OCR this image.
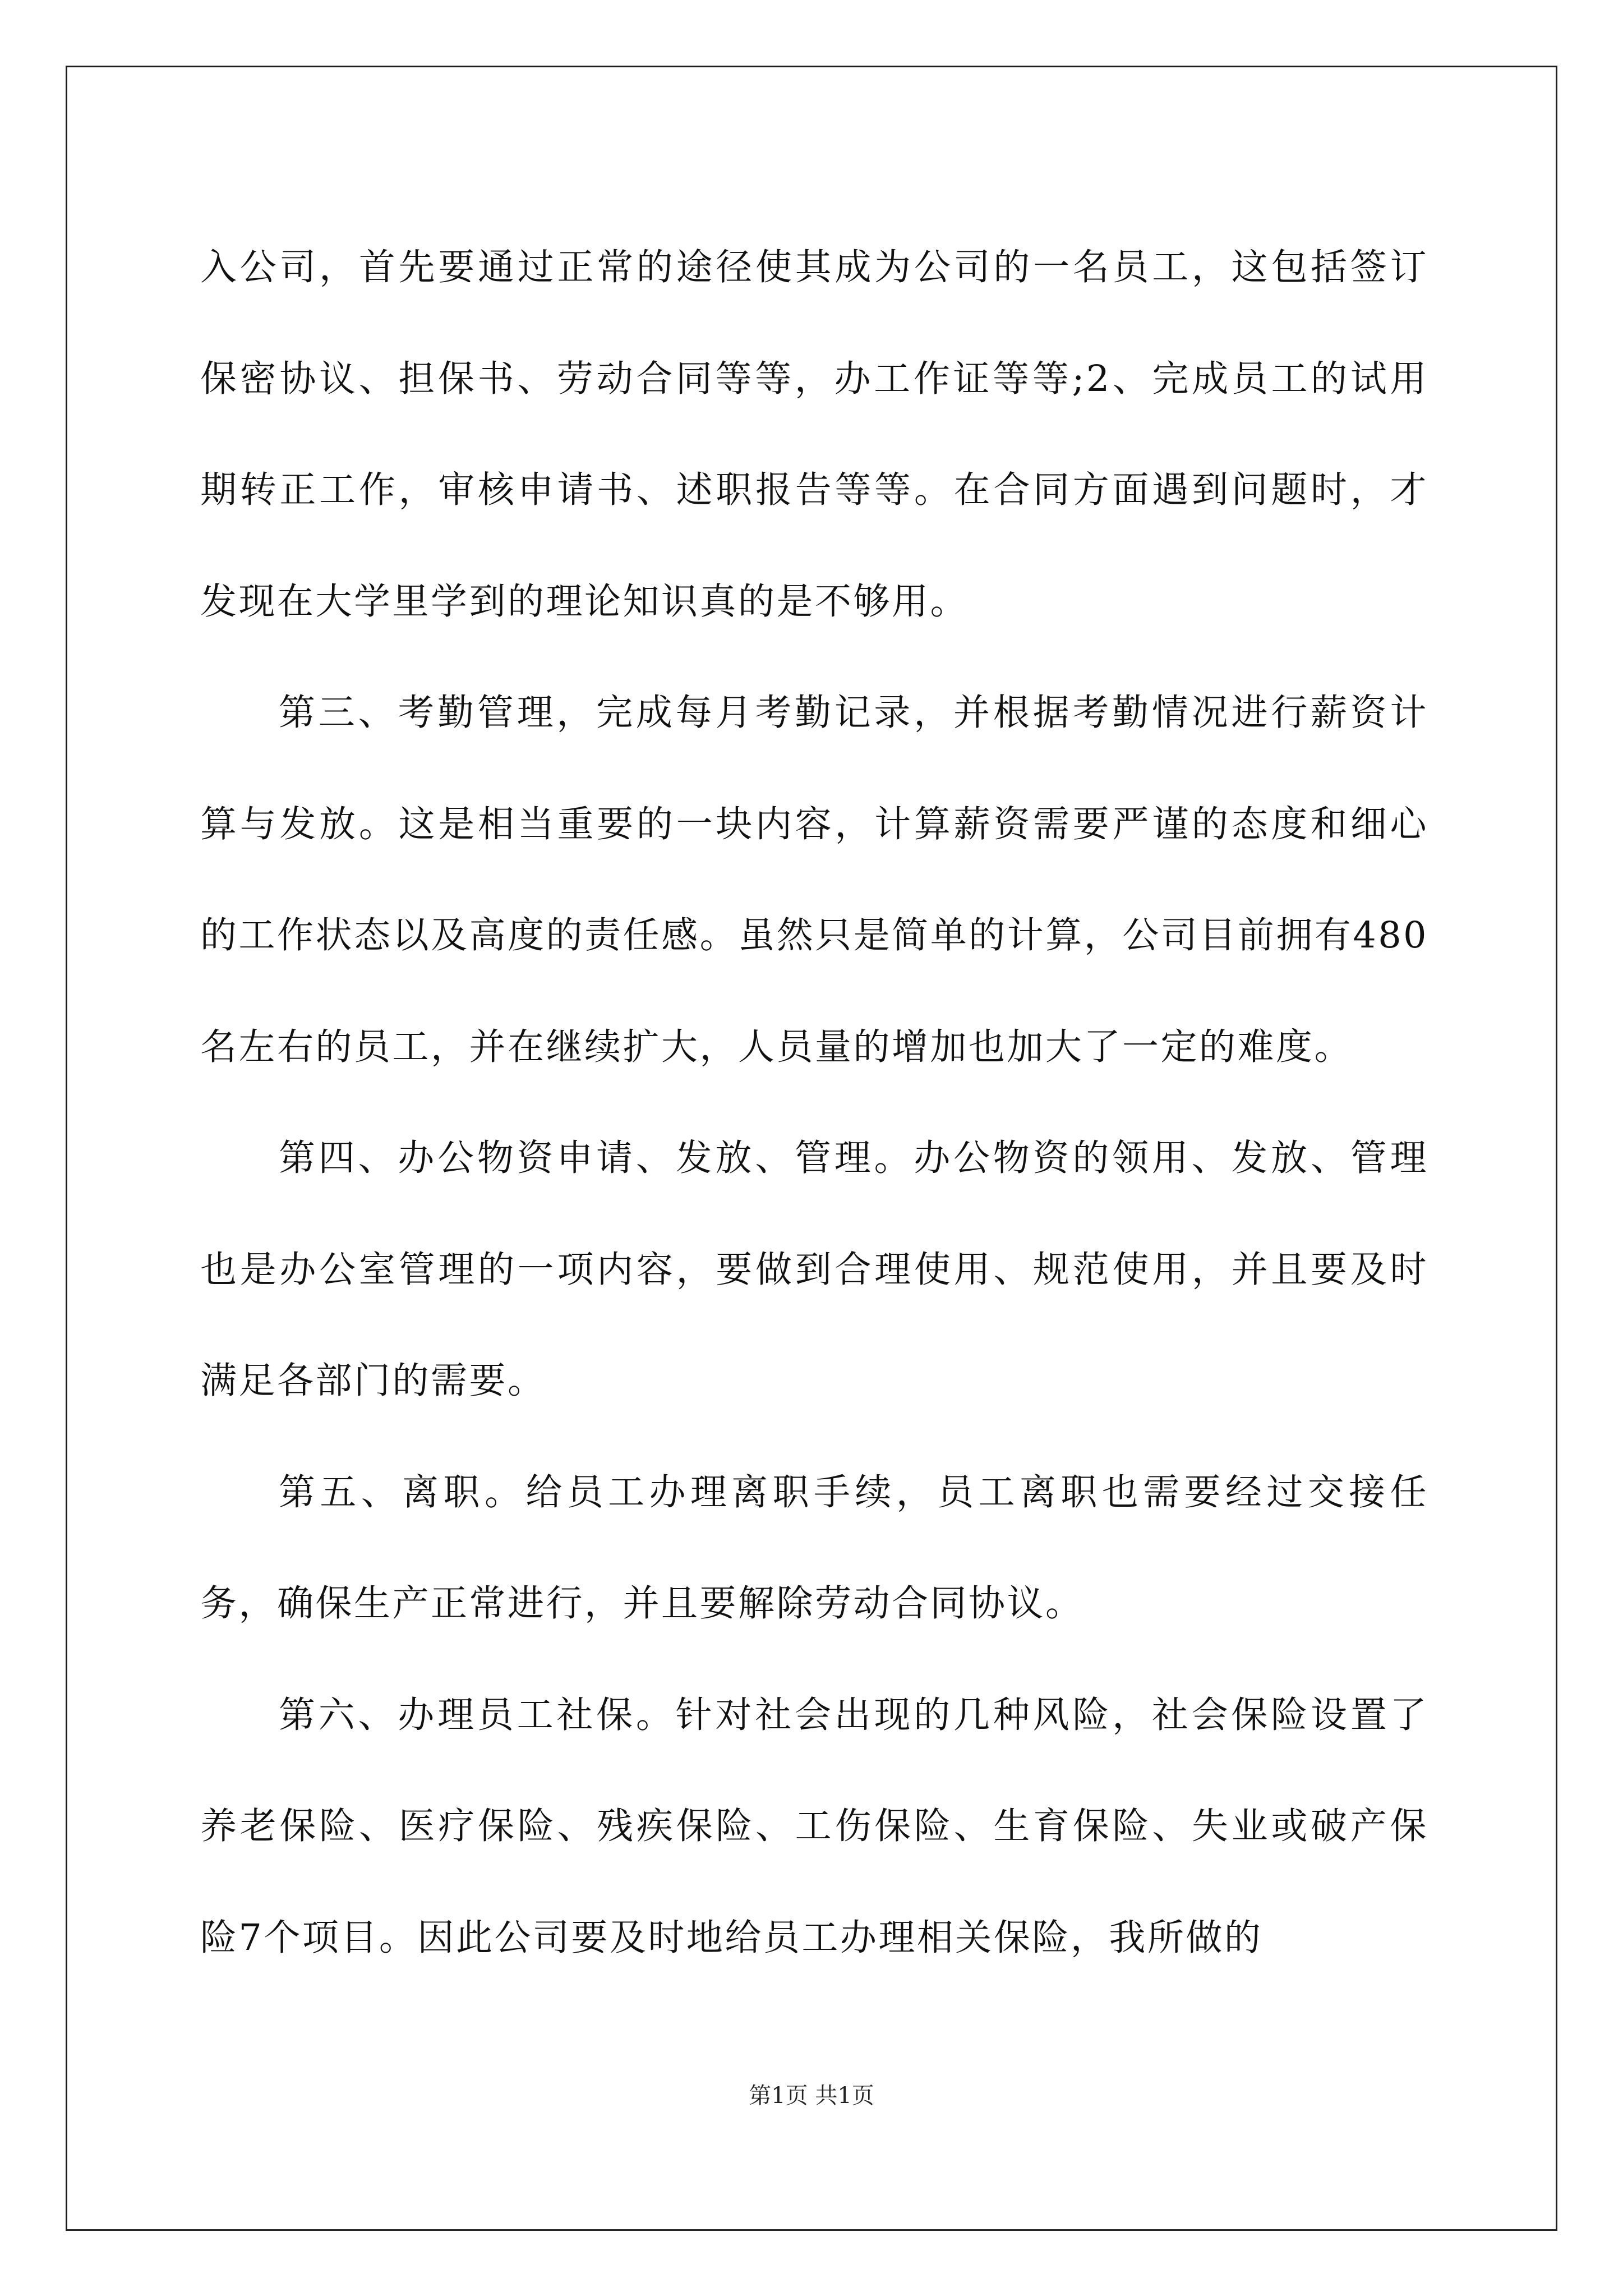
入公司，首先要通过正常的途径使其成为公司的一名员工，这包括签订保密协议、担保书、劳动合同等等，办工作证等等;2、完成员工的试用期转正工作，审核申请书、述职报告等等。在合同方面遇到问题时，才发现在大学里学到的理论知识真的是不够用。

第三、考勤管理，完成每月考勤记录，并根据考勤情况进行薪资计算与发放。这是相当重要的一块内容，计算薪资需要严谨的态度和细心的工作状态以及高度的责任感。虽然只是简单的计算，公司目前拥有480名左右的员工，并在继续扩大，人员量的增加也加大了一定的难度。

第四、办公物资申请、发放、管理。办公物资的领用、发放、管理也是办公室管理的一项内容，要做到合理使用、规范使用，并且要及时满足各部门的需要。

第五、离职。给员工办理离职手续，员工离职也需要经过交接任务，确保生产正常进行，并且要解除劳动合同协议。

第六、办理员工社保。针对社会出现的几种风险，社会保险设置了养老保险、医疗保险、残疾保险、工伤保险、生育保险、失业或破产保险7个项目。因此公司要及时地给员工办理相关保险，我所做的

第1页 共1页
